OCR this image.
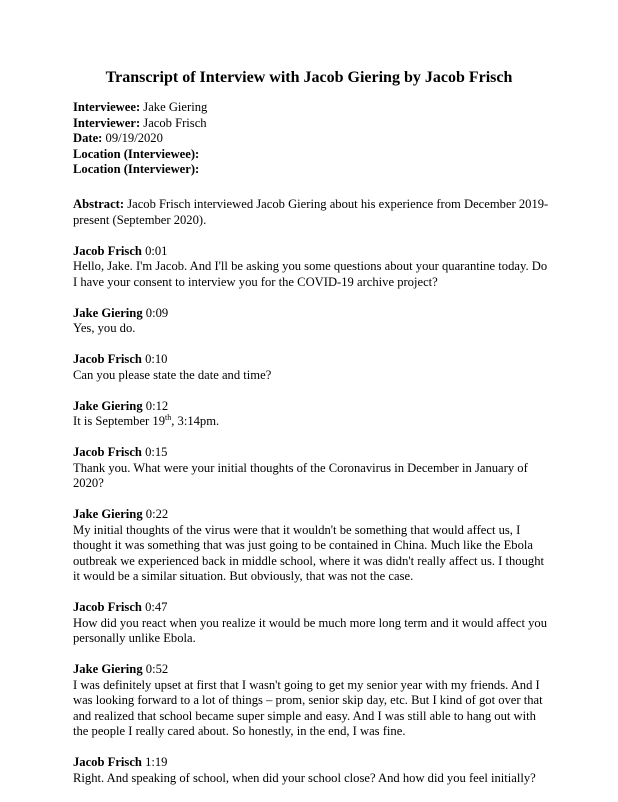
Transcript of Interview with Jacob Giering by Jacob Frisch
Interviewee: Jake Giering
Interviewer: Jacob Frisch
Date: 09/19/2020
Location (Interviewee):
Location (Interviewer):

Abstract: Jacob Frisch interviewed Jacob Giering about his experience from December 2019-present (September 2020).

Jacob Frisch 0:01

Hello, Jake. I'm Jacob. And I'll be asking you some questions about your quarantine today. Do I have your consent to interview you for the COVID-19 archive project?

Jake Giering 0:09

Yes, you do.

Jacob Frisch 0:10

Can you please state the date and time?

Jake Giering 0:12

It is September 19th, 3:14pm.

Jacob Frisch 0:15

Thank you. What were your initial thoughts of the Coronavirus in December in January of 2020?

Jake Giering 0:22

My initial thoughts of the virus were that it wouldn't be something that would affect us, I thought it was something that was just going to be contained in China. Much like the Ebola outbreak we experienced back in middle school, where it was didn't really affect us. I thought it would be a similar situation. But obviously, that was not the case.

Jacob Frisch 0:47

How did you react when you realize it would be much more long term and it would affect you personally unlike Ebola.

Jake Giering 0:52

I was definitely upset at first that I wasn't going to get my senior year with my friends. And I was looking forward to a lot of things – prom, senior skip day, etc. But I kind of got over that and realized that school became super simple and easy. And I was still able to hang out with the people I really cared about. So honestly, in the end, I was fine.

Jacob Frisch 1:19

Right. And speaking of school, when did your school close? And how did you feel initially?
